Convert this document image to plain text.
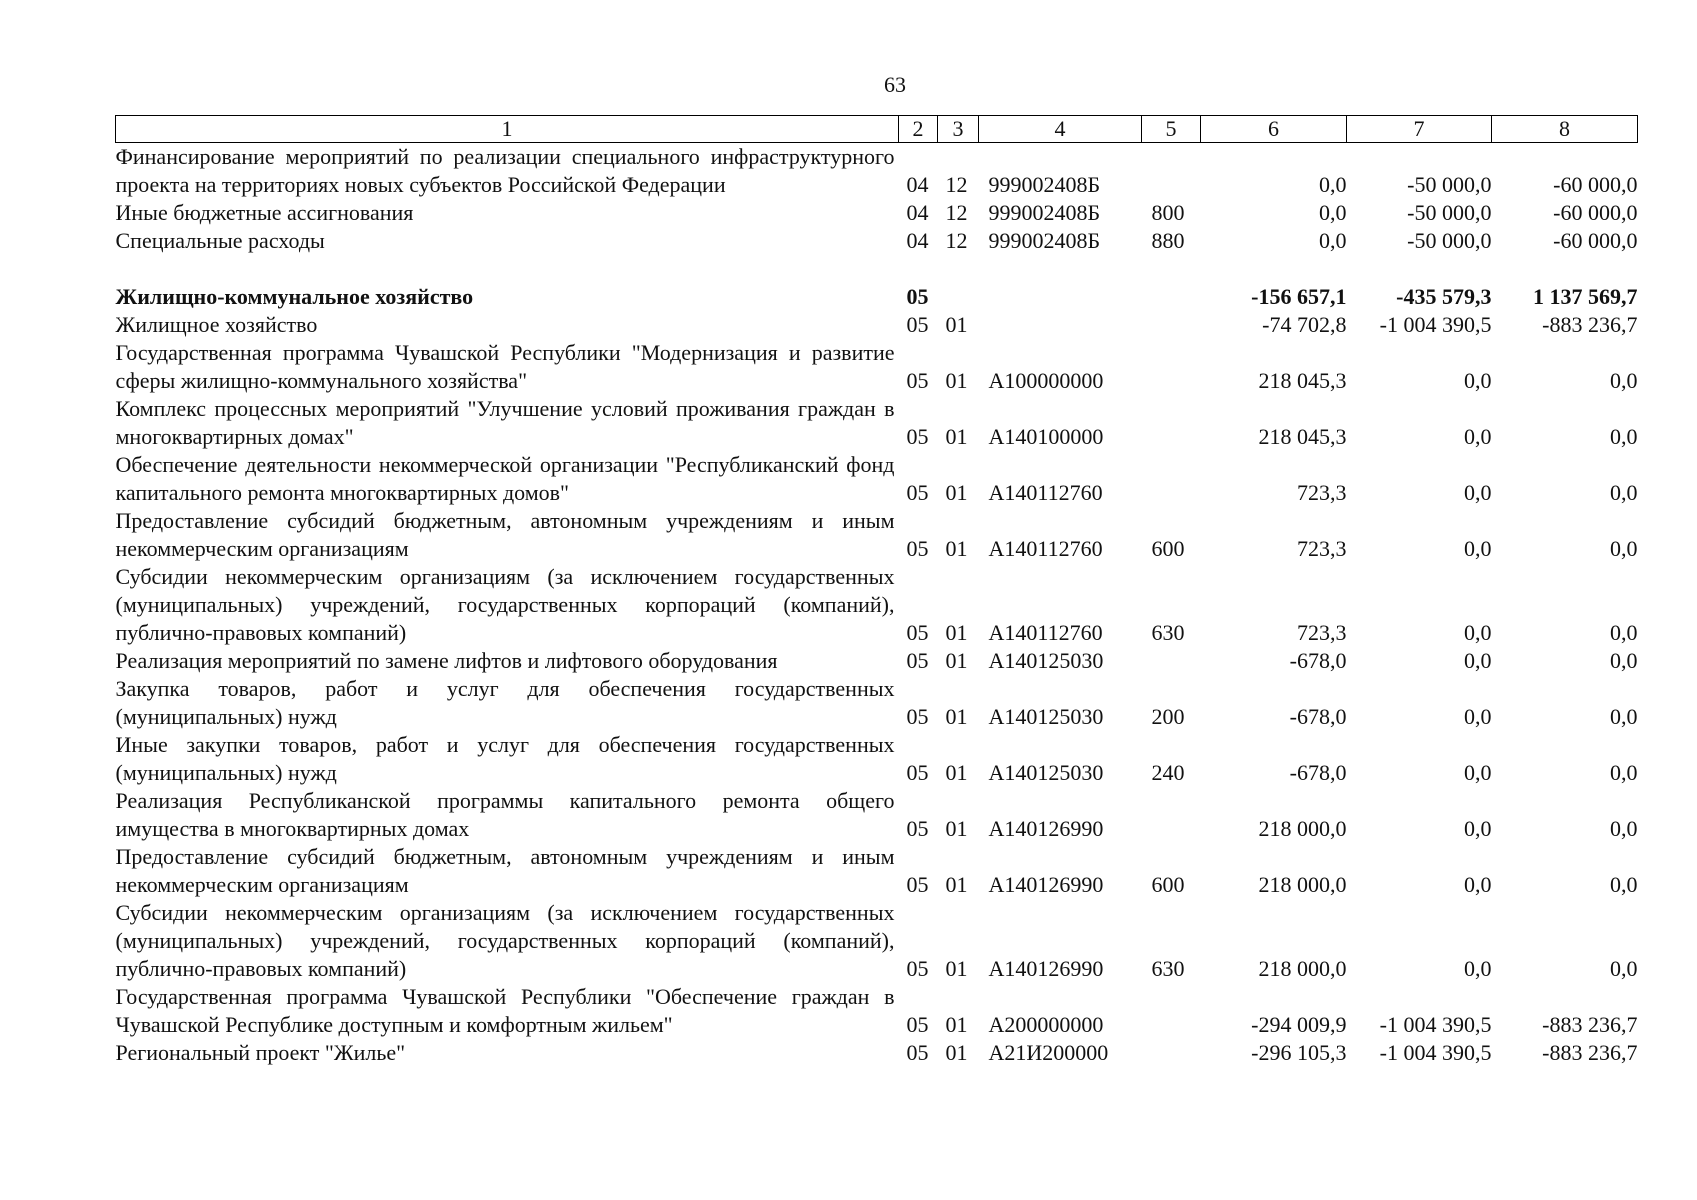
63
1	2	3	4	5	6	7	8
Финансирование мероприятий по реализации специального инфраструктурного проекта на территориях новых субъектов Российской Федерации	04	12	999002408Б		0,0	-50 000,0	-60 000,0
Иные бюджетные ассигнования	04	12	999002408Б	800	0,0	-50 000,0	-60 000,0
Специальные расходы	04	12	999002408Б	880	0,0	-50 000,0	-60 000,0

Жилищно-коммунальное хозяйство	05				-156 657,1	-435 579,3	1 137 569,7
Жилищное хозяйство	05	01			-74 702,8	-1 004 390,5	-883 236,7
Государственная программа Чувашской Республики "Модернизация и развитие сферы жилищно-коммунального хозяйства"	05	01	А100000000		218 045,3	0,0	0,0
Комплекс процессных мероприятий "Улучшение условий проживания граждан в многоквартирных домах"	05	01	А140100000		218 045,3	0,0	0,0
Обеспечение деятельности некоммерческой организации "Республиканский фонд капитального ремонта многоквартирных домов"	05	01	А140112760		723,3	0,0	0,0
Предоставление субсидий бюджетным, автономным учреждениям и иным некоммерческим организациям	05	01	А140112760	600	723,3	0,0	0,0
Субсидии некоммерческим организациям (за исключением государственных (муниципальных) учреждений, государственных корпораций (компаний), публично-правовых компаний)	05	01	А140112760	630	723,3	0,0	0,0
Реализация мероприятий по замене лифтов и лифтового оборудования	05	01	А140125030		-678,0	0,0	0,0
Закупка товаров, работ и услуг для обеспечения государственных (муниципальных) нужд	05	01	А140125030	200	-678,0	0,0	0,0
Иные закупки товаров, работ и услуг для обеспечения государственных (муниципальных) нужд	05	01	А140125030	240	-678,0	0,0	0,0
Реализация Республиканской программы капитального ремонта общего имущества в многоквартирных домах	05	01	А140126990		218 000,0	0,0	0,0
Предоставление субсидий бюджетным, автономным учреждениям и иным некоммерческим организациям	05	01	А140126990	600	218 000,0	0,0	0,0
Субсидии некоммерческим организациям (за исключением государственных (муниципальных) учреждений, государственных корпораций (компаний), публично-правовых компаний)	05	01	А140126990	630	218 000,0	0,0	0,0
Государственная программа Чувашской Республики "Обеспечение граждан в Чувашской Республике доступным и комфортным жильем"	05	01	А200000000		-294 009,9	-1 004 390,5	-883 236,7
Региональный проект "Жилье"	05	01	А21И200000		-296 105,3	-1 004 390,5	-883 236,7
